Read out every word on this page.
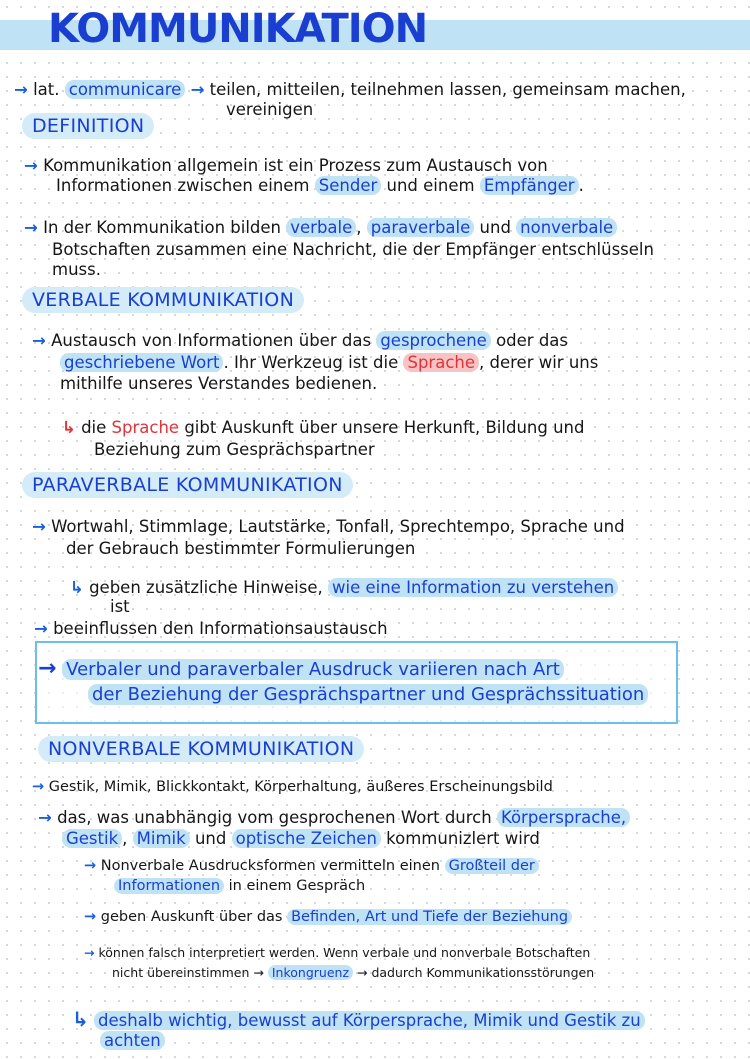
KOMMUNIKATION
→ lat. communicare → teilen, mitteilen, teilnehmen lassen, gemeinsam machen,
vereinigen
DEFINITION
→ Kommunikation allgemein ist ein Prozess zum Austausch von
Informationen zwischen einem Sender und einem Empfänger .
→ In der Kommunikation bilden verbale , paraverbale und nonverbale
Botschaften zusammen eine Nachricht, die der Empfänger entschlüsseln
muss.
VERBALE KOMMUNIKATION
→ Austausch von Informationen über das gesprochene oder das
geschriebene Wort . Ihr Werkzeug ist die Sprache , derer wir uns
mithilfe unseres Verstandes bedienen.
↳ die Sprache gibt Auskunft über unsere Herkunft, Bildung und
Beziehung zum Gesprächspartner
PARAVERBALE KOMMUNIKATION
→ Wortwahl, Stimmlage, Lautstärke, Tonfall, Sprechtempo, Sprache und
der Gebrauch bestimmter Formulierungen
↳ geben zusätzliche Hinweise, wie eine Information zu verstehen
ist
→ beeinflussen den Informationsaustausch
→ Verbaler und paraverbaler Ausdruck variieren nach Art
der Beziehung der Gesprächspartner und Gesprächssituation
NONVERBALE KOMMUNIKATION
→ Gestik, Mimik, Blickkontakt, Körperhaltung, äußeres Erscheinungsbild
→ das, was unabhängig vom gesprochenen Wort durch Körpersprache,
Gestik , Mimik und optische Zeichen kommunizlert wird
→ Nonverbale Ausdrucksformen vermitteln einen Großteil der
Informationen in einem Gespräch
→ geben Auskunft über das Befinden, Art und Tiefe der Beziehung
→ können falsch interpretiert werden. Wenn verbale und nonverbale Botschaften
nicht übereinstimmen → Inkongruenz → dadurch Kommunikationsstörungen
↳ deshalb wichtig, bewusst auf Körpersprache, Mimik und Gestik zu
achten
